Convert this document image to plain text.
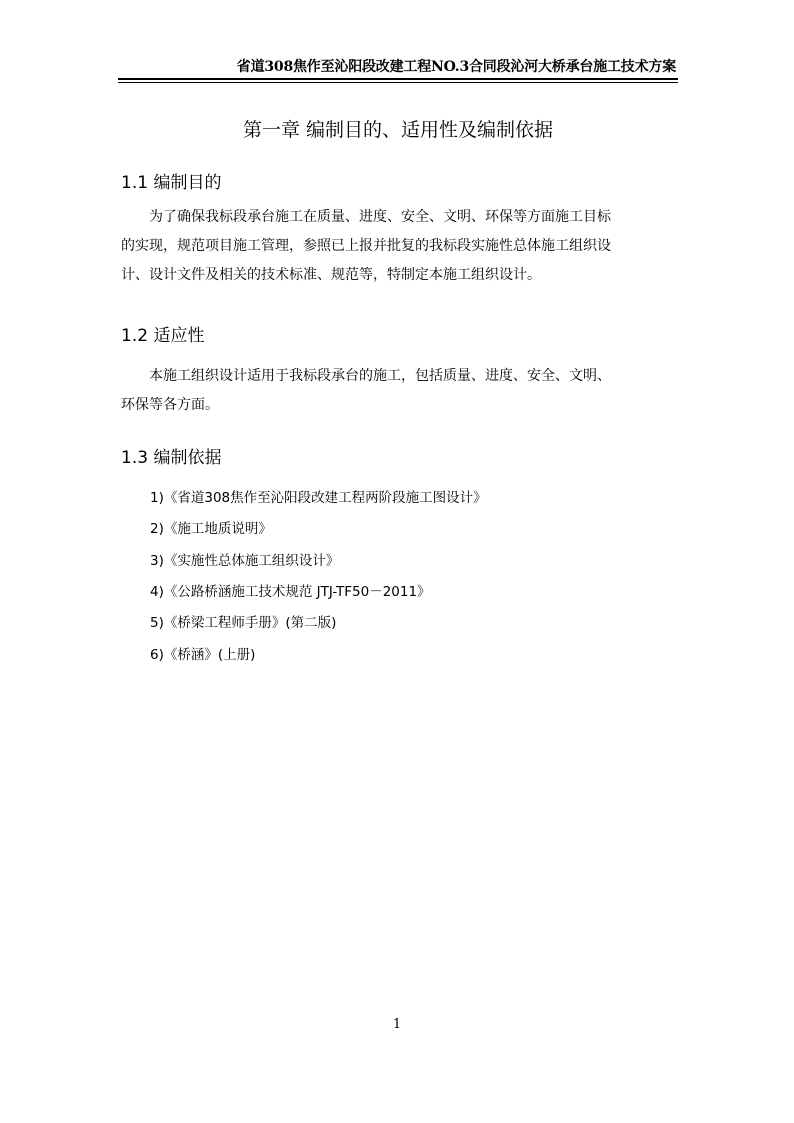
省道308焦作至沁阳段改建工程NO.3合同段沁河大桥承台施工技术方案
第一章 编制目的、适用性及编制依据
1.1 编制目的
为了确保我标段承台施工在质量、进度、安全、文明、环保等方面施工目标
的实现，规范项目施工管理，参照已上报并批复的我标段实施性总体施工组织设
计、设计文件及相关的技术标准、规范等，特制定本施工组织设计。
1.2 适应性
本施工组织设计适用于我标段承台的施工，包括质量、进度、安全、文明、
环保等各方面。
1.3 编制依据
1)《省道308焦作至沁阳段改建工程两阶段施工图设计》
2)《施工地质说明》
3)《实施性总体施工组织设计》
4)《公路桥涵施工技术规范 JTJ-TF50－2011》
5)《桥梁工程师手册》(第二版)
6)《桥涵》(上册)
1
